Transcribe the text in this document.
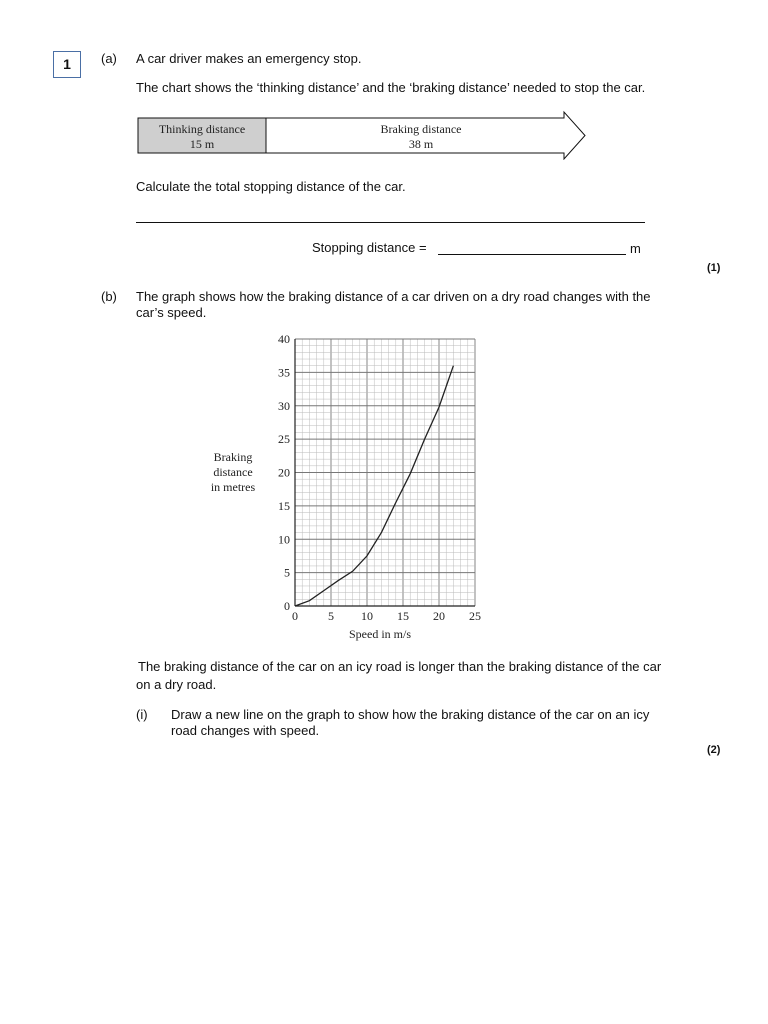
1	(a) A car driver makes an emergency stop.
The chart shows the ‘thinking distance’ and the ‘braking distance’ needed to stop the car.
Thinking distance
15 m
Braking distance
38 m
Calculate the total stopping distance of the car.
Stopping distance =	m
(1)
(b) The graph shows how the braking distance of a car driven on a dry road changes with the
car’s speed.
0	5 10 15 20 25
0
5
10
15
20
25
30
35
40
Braking
distance
in metres
Speed in m/s
The braking distance of the car on an icy road is longer than the braking distance of the car
on a dry road.
(i) Draw a new line on the graph to show how the braking distance of the car on an icy
road changes with speed.
(2)
